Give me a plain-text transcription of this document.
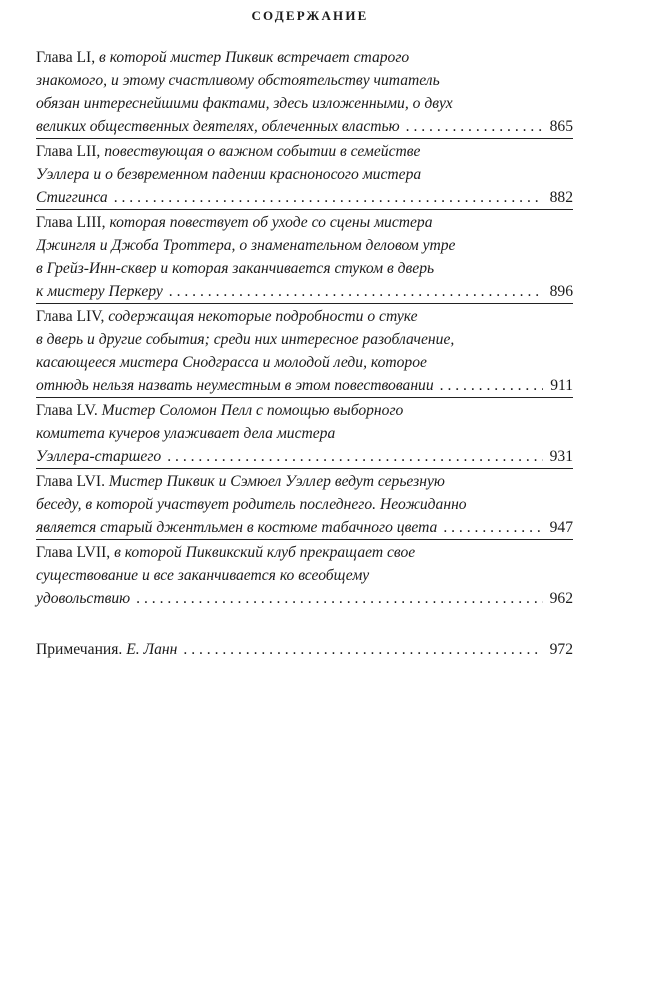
СОДЕРЖАНИЕ
Глава LI, в которой мистер Пиквик встречает старого
знакомого, и этому счастливому обстоятельству читатель
обязан интереснейшими фактами, здесь изложенными, о двух
великих общественных деятелях, облеченных властью . . .	865
Глава LII, повествующая о важном событии в семействе
Уэллера и о безвременном падении красноносого мистера
Стиггинса . . .	882
Глава LIII, которая повествует об уходе со сцены мистера
Джингля и Джоба Троттера, о знаменательном деловом утре
в Грейз-Инн-сквер и которая заканчивается стуком в дверь
к мистеру Перкеру . . .	896
Глава LIV, содержащая некоторые подробности о стуке
в дверь и другие события; среди них интересное разоблачение,
касающееся мистера Снодграсса и молодой леди, которое
отнюдь нельзя назвать неуместным в этом повествовании . . .	911
Глава LV. Мистер Соломон Пелл с помощью выборного
комитета кучеров улаживает дела мистера
Уэллера-старшего . . .	931
Глава LVI. Мистер Пиквик и Сэмюел Уэллер ведут серьезную
беседу, в которой участвует родитель последнего. Неожиданно
является старый джентльмен в костюме табачного цвета . . .	947
Глава LVII, в которой Пиквикский клуб прекращает свое
существование и все заканчивается ко всеобщему
удовольствию . . .	962
Примечания. Е. Ланн . . .	972
